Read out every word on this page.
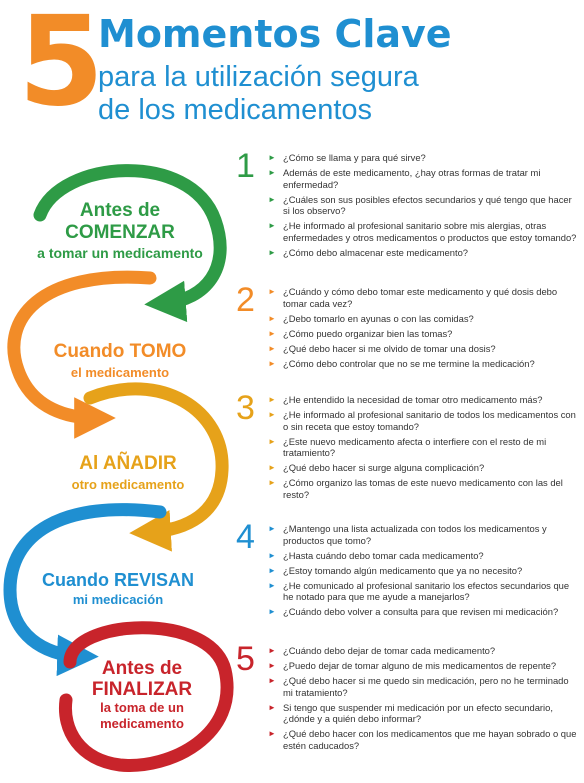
5
Momentos Clave
para la utilización segura
de los medicamentos
Antes de
COMENZAR
a tomar un medicamento
Cuando TOMO
el medicamento
Al AÑADIR
otro medicamento
Cuando REVISAN
mi medicación
Antes de
FINALIZAR
la toma de un
medicamento
1 ► ¿Cómo se llama y para qué sirve?
► Además de este medicamento, ¿hay otras formas de tratar mi enfermedad?
► ¿Cuáles son sus posibles efectos secundarios y qué tengo que hacer si los observo?
► ¿He informado al profesional sanitario sobre mis alergias, otras enfermedades y otros medicamentos o productos que estoy tomando?
► ¿Cómo debo almacenar este medicamento?
2 ► ¿Cuándo y cómo debo tomar este medicamento y qué dosis debo tomar cada vez?
► ¿Debo tomarlo en ayunas o con las comidas?
► ¿Cómo puedo organizar bien las tomas?
► ¿Qué debo hacer si me olvido de tomar una dosis?
► ¿Cómo debo controlar que no se me termine la medicación?
3 ► ¿He entendido la necesidad de tomar otro medicamento más?
► ¿He informado al profesional sanitario de todos los medicamentos con o sin receta que estoy tomando?
► ¿Este nuevo medicamento afecta o interfiere con el resto de mi tratamiento?
► ¿Qué debo hacer si surge alguna complicación?
► ¿Cómo organizo las tomas de este nuevo medicamento con las del resto?
4 ► ¿Mantengo una lista actualizada con todos los medicamentos y productos que tomo?
► ¿Hasta cuándo debo tomar cada medicamento?
► ¿Estoy tomando algún medicamento que ya no necesito?
► ¿He comunicado al profesional sanitario los efectos secundarios que he notado para que me ayude a manejarlos?
► ¿Cuándo debo volver a consulta para que revisen mi medicación?
5 ► ¿Cuándo debo dejar de tomar cada medicamento?
► ¿Puedo dejar de tomar alguno de mis medicamentos de repente?
► ¿Qué debo hacer si me quedo sin medicación, pero no he terminado mi tratamiento?
► Si tengo que suspender mi medicación por un efecto secundario, ¿dónde y a quién debo informar?
► ¿Qué debo hacer con los medicamentos que me hayan sobrado o que estén caducados?
